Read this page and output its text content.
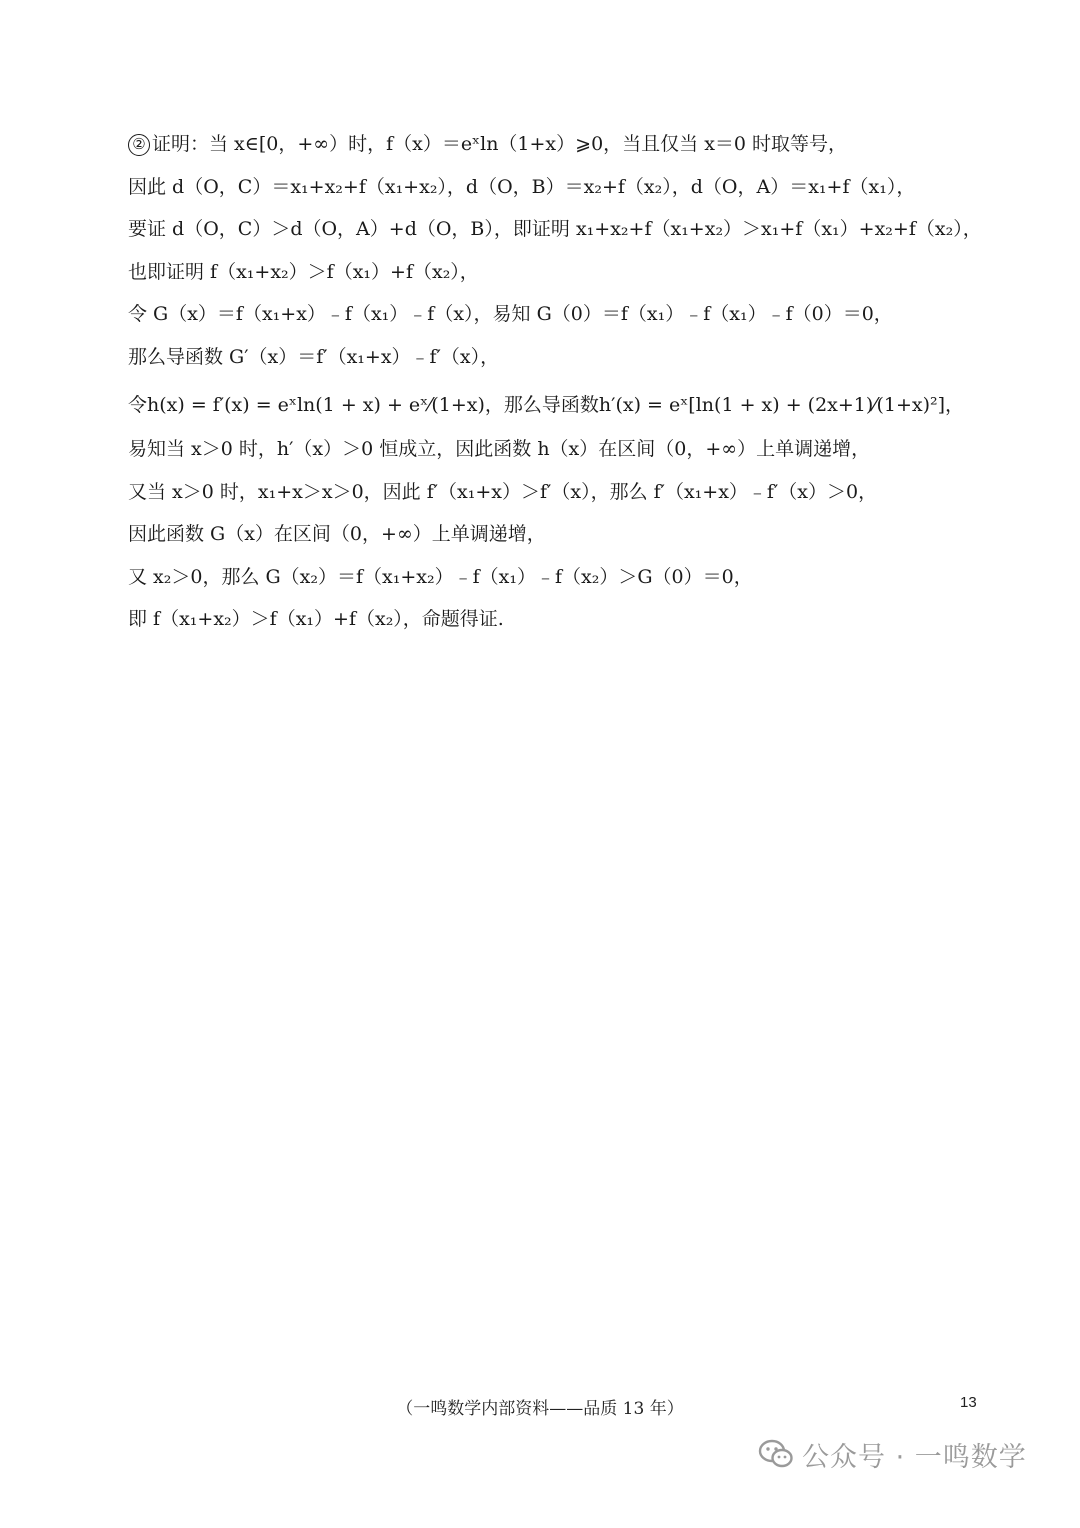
② 证明：当 x∈[0，+∞）时，f（x）＝eˣln（1+x）⩾0，当且仅当 x＝0 时取等号，
因此 d（O，C）＝x₁+x₂+f（x₁+x₂），d（O，B）＝x₂+f（x₂），d（O，A）＝x₁+f（x₁），
要证 d（O，C）＞d（O，A）+d（O，B），即证明 x₁+x₂+f（x₁+x₂）＞x₁+f（x₁）+x₂+f（x₂），
也即证明 f（x₁+x₂）＞f（x₁）+f（x₂），
令 G（x）＝f（x₁+x）﹣f（x₁）﹣f（x），易知 G（0）＝f（x₁）﹣f（x₁）﹣f（0）＝0，
那么导函数 G′（x）＝f′（x₁+x）﹣f′（x），
令h(x) = f′(x) = eˣln(1 + x) + eˣ⁄(1+x)，那么导函数h′(x) = eˣ[ln(1 + x) + (2x+1)⁄(1+x)²]，
易知当 x＞0 时，h′（x）＞0 恒成立，因此函数 h（x）在区间（0，+∞）上单调递增，
又当 x＞0 时，x₁+x＞x＞0，因此 f′（x₁+x）＞f′（x），那么 f′（x₁+x）﹣f′（x）＞0，
因此函数 G（x）在区间（0，+∞）上单调递增，
又 x₂＞0，那么 G（x₂）＝f（x₁+x₂）﹣f（x₁）﹣f（x₂）＞G（0）＝0，
即 f（x₁+x₂）＞f（x₁）+f（x₂），命题得证.
（一鸣数学内部资料——品质 13 年）	13
公众号 · 一鸣数学
